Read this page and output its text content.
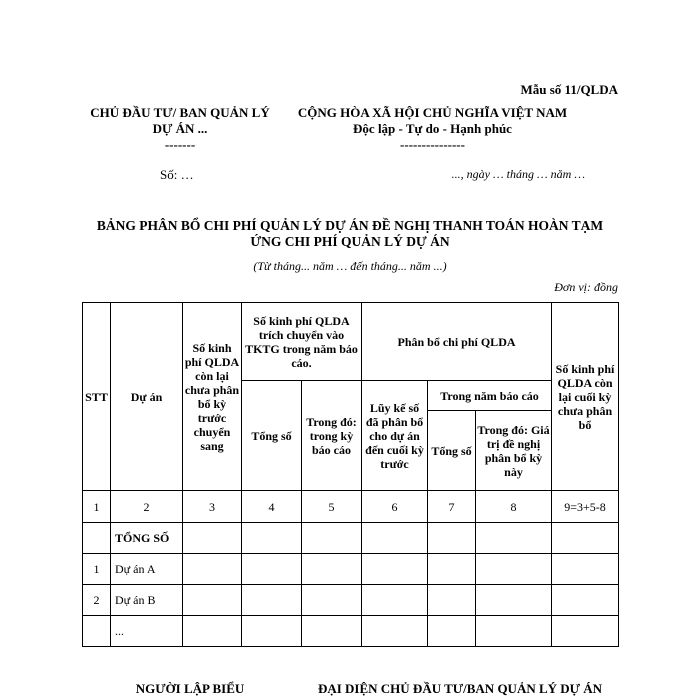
Mẫu số 11/QLDA
CHỦ ĐẦU TƯ/ BAN QUẢN LÝ
DỰ ÁN ...
-------
CỘNG HÒA XÃ HỘI CHỦ NGHĨA VIỆT NAM
Độc lập - Tự do - Hạnh phúc
---------------
Số: …	..., ngày … tháng … năm …
BẢNG PHÂN BỔ CHI PHÍ QUẢN LÝ DỰ ÁN ĐỀ NGHỊ THANH TOÁN HOÀN TẠM
ỨNG CHI PHÍ QUẢN LÝ DỰ ÁN
(Từ tháng... năm … đến tháng... năm ...)
Đơn vị: đồng
STT	Dự án	Số kinh phí QLDA còn lại chưa phân bổ kỳ trước chuyển sang	Số kinh phí QLDA trích chuyển vào TKTG trong năm báo cáo.		Phân bổ chi phí QLDA			Số kinh phí QLDA còn lại cuối kỳ chưa phân bổ
			Tổng số	Trong đó: trong kỳ báo cáo	Lũy kế số đã phân bổ cho dự án đến cuối kỳ trước	Trong năm báo cáo		
						Tổng số	Trong đó: Giá trị đề nghị phân bổ kỳ này	
1	2	3	4	5	6	7	8	9=3+5-8
	TỔNG SỐ							
1	Dự án A							
2	Dự án B							
	...							
NGƯỜI LẬP BIỂU	ĐẠI DIỆN CHỦ ĐẦU TƯ/BAN QUẢN LÝ DỰ ÁN
